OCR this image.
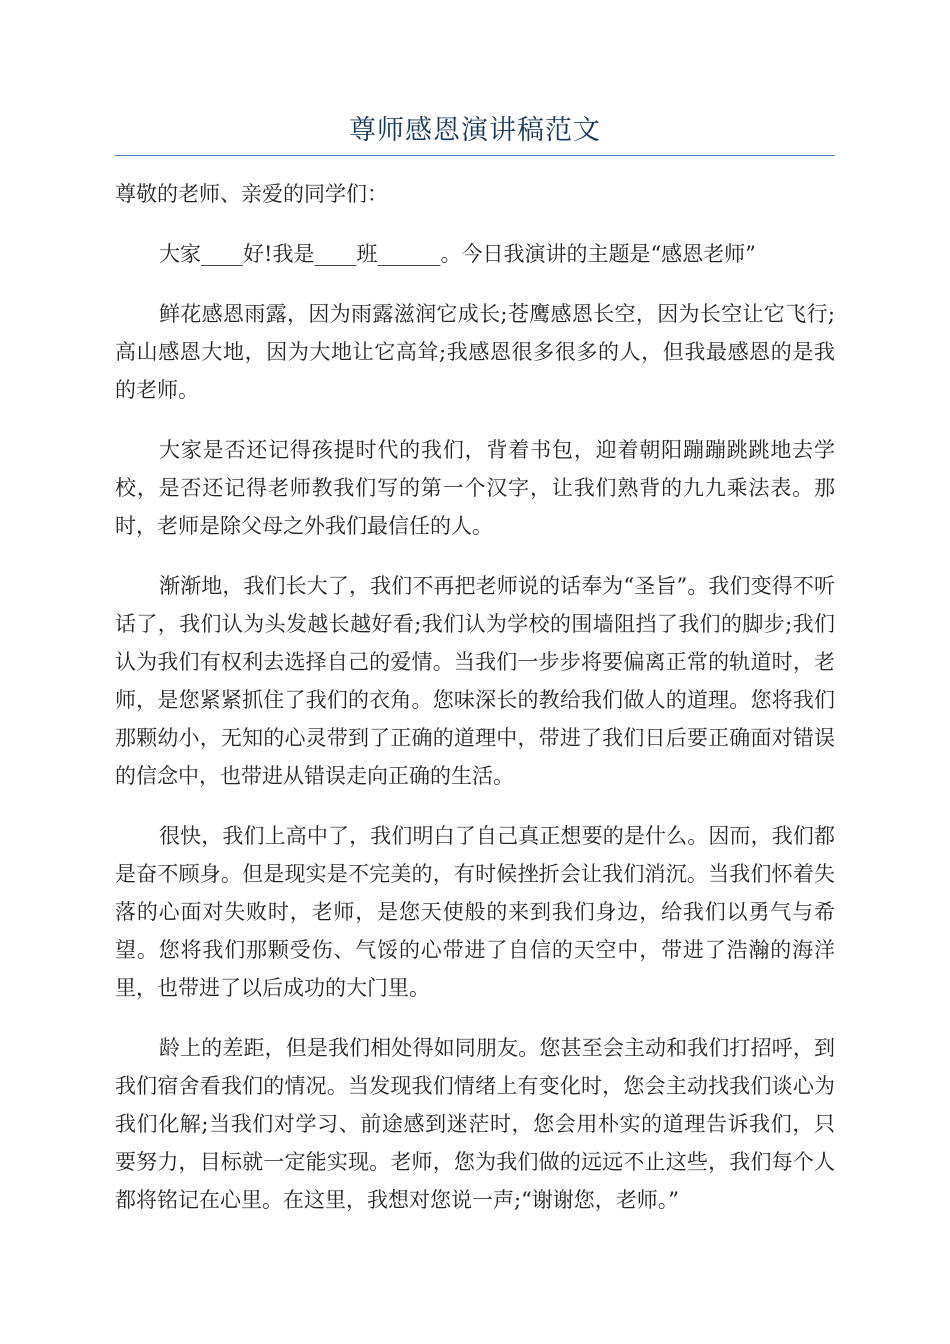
尊师感恩演讲稿范文

尊敬的老师、亲爱的同学们：

大家____好!我是____班______。今日我演讲的主题是“感恩老师”

鲜花感恩雨露，因为雨露滋润它成长;苍鹰感恩长空，因为长空让它飞行;高山感恩大地，因为大地让它高耸;我感恩很多很多的人，但我最感恩的是我的老师。

大家是否还记得孩提时代的我们，背着书包，迎着朝阳蹦蹦跳跳地去学校，是否还记得老师教我们写的第一个汉字，让我们熟背的九九乘法表。那时，老师是除父母之外我们最信任的人。

渐渐地，我们长大了，我们不再把老师说的话奉为“圣旨”。我们变得不听话了，我们认为头发越长越好看;我们认为学校的围墙阻挡了我们的脚步;我们认为我们有权利去选择自己的爱情。当我们一步步将要偏离正常的轨道时，老师，是您紧紧抓住了我们的衣角。您味深长的教给我们做人的道理。您将我们那颗幼小，无知的心灵带到了正确的道理中，带进了我们日后要正确面对错误的信念中，也带进从错误走向正确的生活。

很快，我们上高中了，我们明白了自己真正想要的是什么。因而，我们都是奋不顾身。但是现实是不完美的，有时候挫折会让我们消沉。当我们怀着失落的心面对失败时，老师，是您天使般的来到我们身边，给我们以勇气与希望。您将我们那颗受伤、气馁的心带进了自信的天空中，带进了浩瀚的海洋里，也带进了以后成功的大门里。

龄上的差距，但是我们相处得如同朋友。您甚至会主动和我们打招呼，到我们宿舍看我们的情况。当发现我们情绪上有变化时，您会主动找我们谈心为我们化解;当我们对学习、前途感到迷茫时，您会用朴实的道理告诉我们，只要努力，目标就一定能实现。老师，您为我们做的远远不止这些，我们每个人都将铭记在心里。在这里，我想对您说一声;“谢谢您，老师。”
